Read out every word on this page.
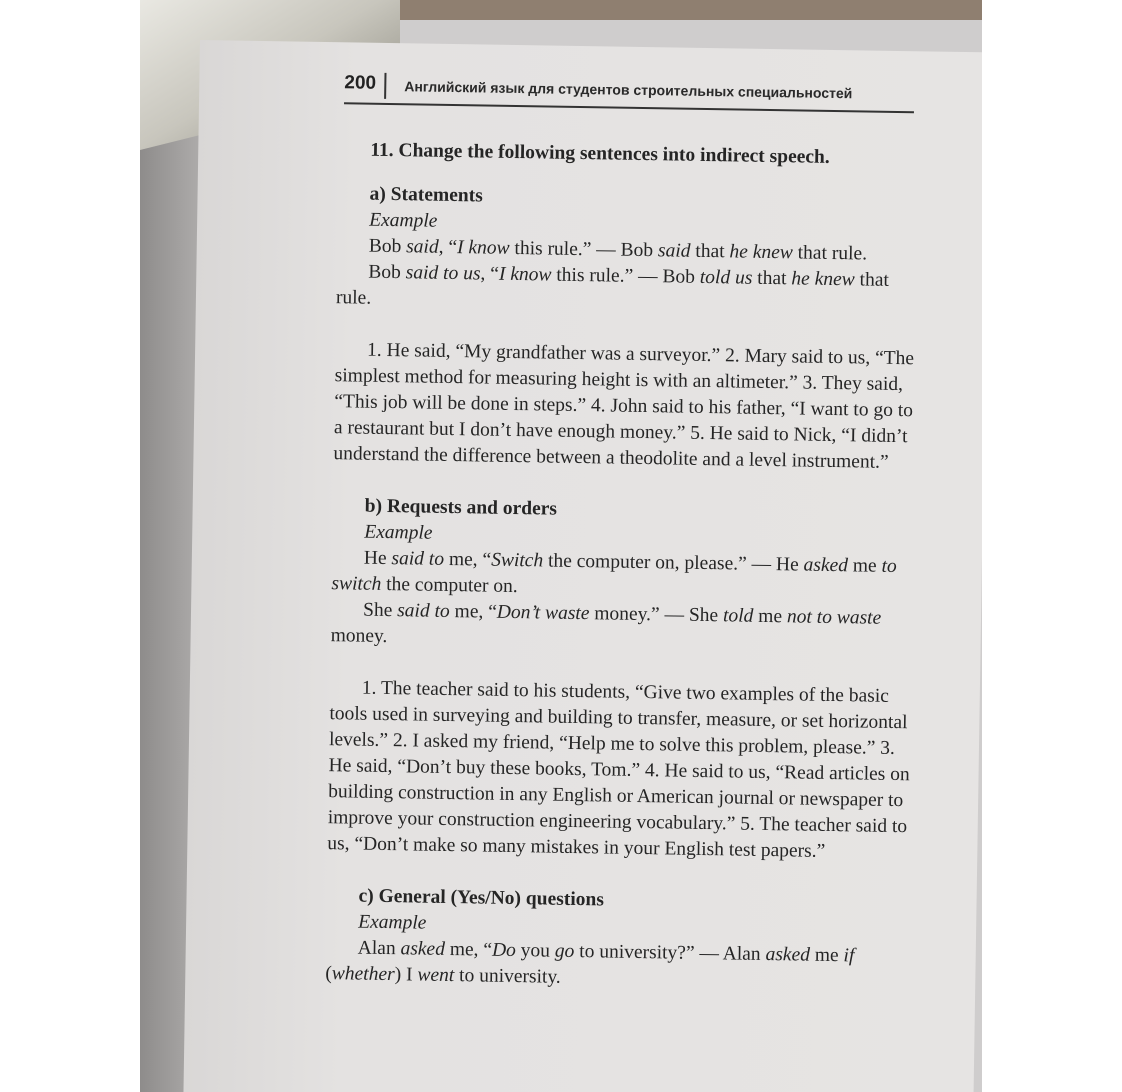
200	Английский язык для студентов строительных специальностей

11. Change the following sentences into indirect speech.

a) Statements

Example

Bob said, “I know this rule.” — Bob said that he knew that rule.

Bob said to us, “I know this rule.” — Bob told us that he knew that rule.

1. He said, “My grandfather was a surveyor.” 2. Mary said to us, “The simplest method for measuring height is with an altimeter.” 3. They said, “This job will be done in steps.” 4. John said to his father, “I want to go to a restaurant but I don’t have enough money.” 5. He said to Nick, “I didn’t understand the difference between a theodolite and a level instrument.”

b) Requests and orders

Example

He said to me, “Switch the computer on, please.” — He asked me to switch the computer on.

She said to me, “Don’t waste money.” — She told me not to waste money.

1. The teacher said to his students, “Give two examples of the basic tools used in surveying and building to transfer, measure, or set horizontal levels.” 2. I asked my friend, “Help me to solve this problem, please.” 3. He said, “Don’t buy these books, Tom.” 4. He said to us, “Read articles on building construction in any English or American journal or newspaper to improve your construction engineering vocabulary.” 5. The teacher said to us, “Don’t make so many mistakes in your English test papers.”

c) General (Yes/No) questions

Example

Alan asked me, “Do you go to university?” — Alan asked me if (whether) I went to university.
